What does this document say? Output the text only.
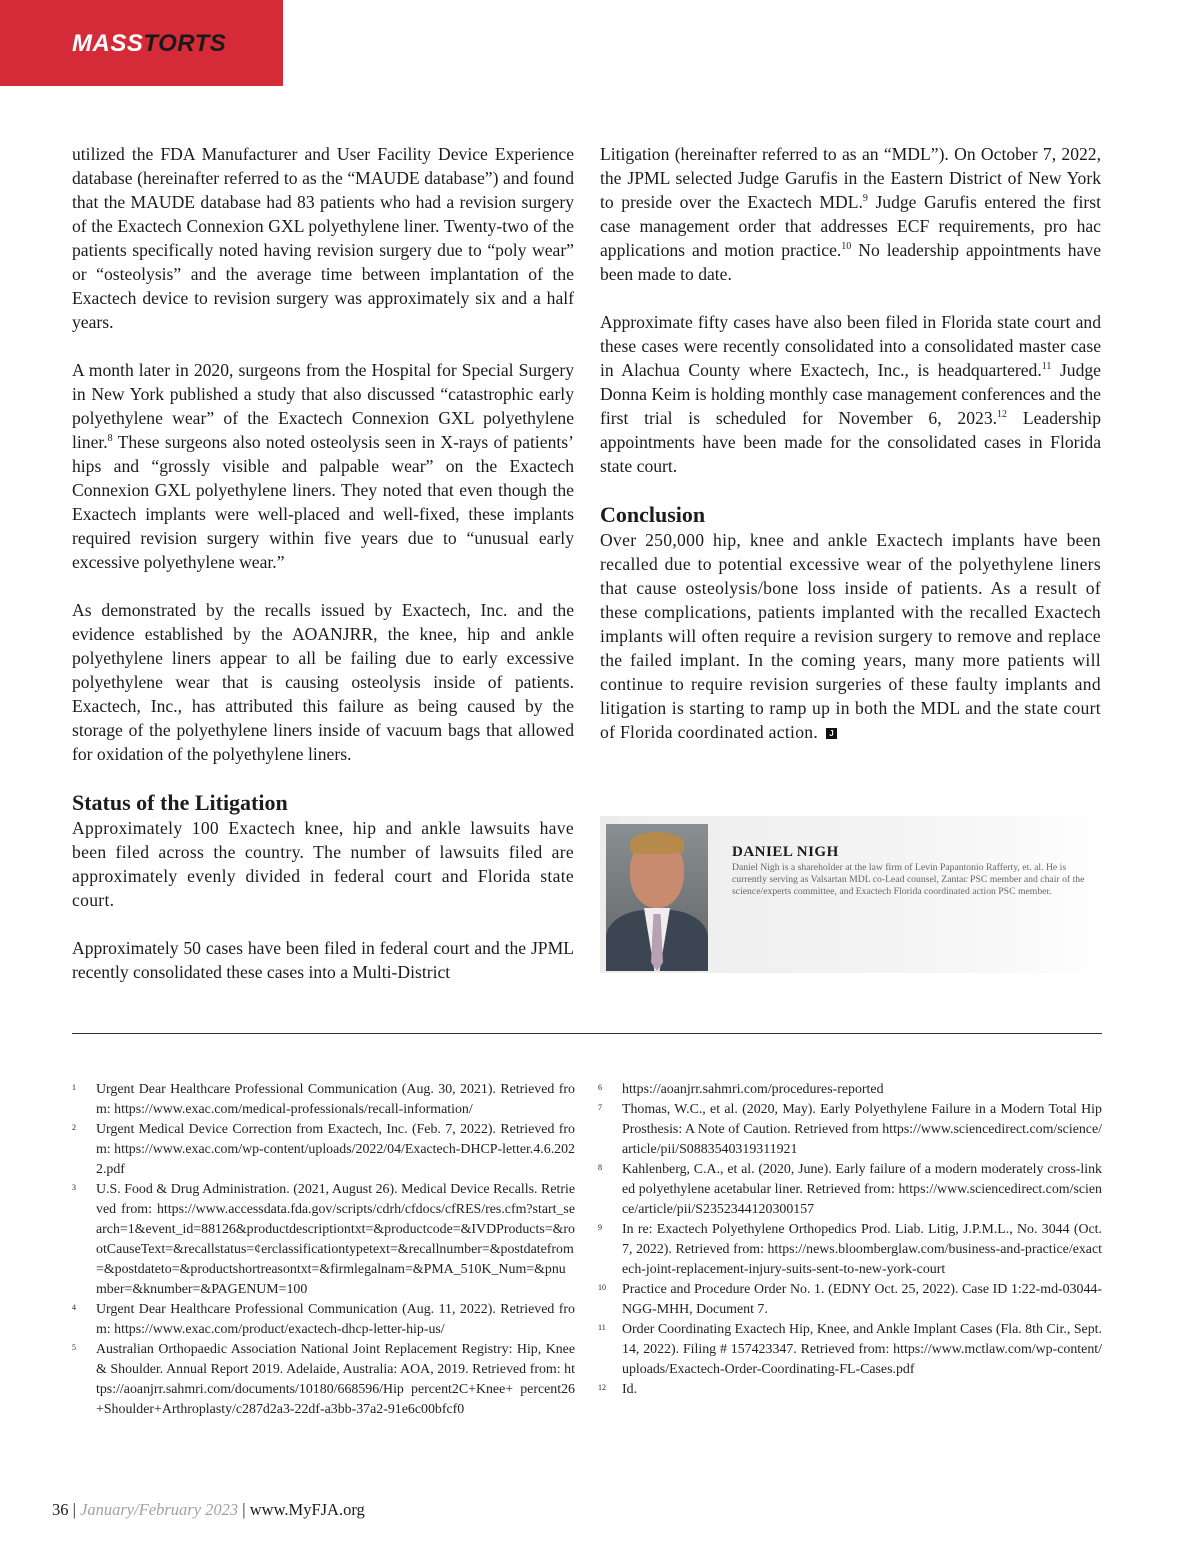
MASSTORTS

utilized the FDA Manufacturer and User Facility Device Experience database (hereinafter referred to as the “MAUDE database”) and found that the MAUDE database had 83 patients who had a revision surgery of the Exactech Connexion GXL polyethylene liner. Twenty-two of the patients specifically noted having revision surgery due to “poly wear” or “osteolysis” and the average time between implantation of the Exactech device to revision surgery was approximately six and a half years.

A month later in 2020, surgeons from the Hospital for Special Surgery in New York published a study that also discussed “catastrophic early polyethylene wear” of the Exactech Connexion GXL polyethylene liner.$^8$ These surgeons also noted osteolysis seen in X-rays of patients’ hips and “grossly visible and palpable wear” on the Exactech Connexion GXL polyethylene liners. They noted that even though the Exactech implants were well-placed and well-fixed, these implants required revision surgery within five years due to “unusual early excessive polyethylene wear.”

As demonstrated by the recalls issued by Exactech, Inc. and the evidence established by the AOANJRR, the knee, hip and ankle polyethylene liners appear to all be failing due to early excessive polyethylene wear that is causing osteolysis inside of patients. Exactech, Inc., has attributed this failure as being caused by the storage of the polyethylene liners inside of vacuum bags that allowed for oxidation of the polyethylene liners.

Status of the Litigation

Approximately 100 Exactech knee, hip and ankle lawsuits have been filed across the country. The number of lawsuits filed are approximately evenly divided in federal court and Florida state court.

Approximately 50 cases have been filed in federal court and the JPML recently consolidated these cases into a Multi-District

Litigation (hereinafter referred to as an “MDL”). On October 7, 2022, the JPML selected Judge Garufis in the Eastern District of New York to preside over the Exactech MDL.$^9$ Judge Garufis entered the first case management order that addresses ECF requirements, pro hac applications and motion practice.$^{10}$ No leadership appointments have been made to date.

Approximate fifty cases have also been filed in Florida state court and these cases were recently consolidated into a consolidated master case in Alachua County where Exactech, Inc., is headquartered.$^{11}$ Judge Donna Keim is holding monthly case management conferences and the first trial is scheduled for November 6, 2023.12 Leadership appointments have been made for the consolidated cases in Florida state court.

Conclusion

Over 250,000 hip, knee and ankle Exactech implants have been recalled due to potential excessive wear of the polyethylene liners that cause osteolysis/bone loss inside of patients. As a result of these complications, patients implanted with the recalled Exactech implants will often require a revision surgery to remove and replace the failed implant. In the coming years, many more patients will continue to require revision surgeries of these faulty implants and litigation is starting to ramp up in both the MDL and the state court of Florida coordinated action. J

DANIEL NIGH
Daniel Nigh is a shareholder at the law firm of Levin Papantonio Rafferty, et. al. He is currently serving as Valsartan MDL co-Lead counsel, Zantac PSC member and chair of the science/experts committee, and Exactech Florida coordinated action PSC member.
1	Urgent Dear Healthcare Professional Communication (Aug. 30, 2021). Retrieved from: https://www.exac.com/medical-professionals/recall-information/
2	Urgent Medical Device Correction from Exactech, Inc. (Feb. 7, 2022). Retrieved from: https://www.exac.com/wp-content/uploads/2022/04/Exactech-DHCP-letter.4.6.2022.pdf
3	U.S. Food & Drug Administration. (2021, August 26). Medical Device Recalls. Retrieved from: https://www.accessdata.fda.gov/scripts/cdrh/cfdocs/cfRES/res.cfm?start_search=1&event_id=88126&productdescriptiontxt=&productcode=&IVDProducts=&rootCauseText=&recallstatus=¢erclassificationtypetext=&recallnumber=&postdatefrom=&postdateto=&productshortreasontxt=&firmlegalnam=&PMA_510K_Num=&pnumber=&knumber=&PAGENUM=100
4	Urgent Dear Healthcare Professional Communication (Aug. 11, 2022). Retrieved from: https://www.exac.com/product/exactech-dhcp-letter-hip-us/
5	Australian Orthopaedic Association National Joint Replacement Registry: Hip, Knee & Shoulder. Annual Report 2019. Adelaide, Australia: AOA, 2019. Retrieved from: https://aoanjrr.sahmri.com/documents/10180/668596/Hip percent2C+Knee+ percent26+Shoulder+Arthroplasty/c287d2a3-22df-a3bb-37a2-91e6c00bfcf0
6	https://aoanjrr.sahmri.com/procedures-reported
7	Thomas, W.C., et al. (2020, May). Early Polyethylene Failure in a Modern Total Hip Prosthesis: A Note of Caution. Retrieved from https://www.sciencedirect.com/science/article/pii/S0883540319311921
8	Kahlenberg, C.A., et al. (2020, June). Early failure of a modern moderately cross-linked polyethylene acetabular liner. Retrieved from: https://www.sciencedirect.com/science/article/pii/S2352344120300157
9	In re: Exactech Polyethylene Orthopedics Prod. Liab. Litig, J.P.M.L., No. 3044 (Oct. 7, 2022). Retrieved from: https://news.bloomberglaw.com/business-and-practice/exactech-joint-replacement-injury-suits-sent-to-new-york-court
10	Practice and Procedure Order No. 1. (EDNY Oct. 25, 2022). Case ID 1:22-md-03044-NGG-MHH, Document 7.
11	Order Coordinating Exactech Hip, Knee, and Ankle Implant Cases (Fla. 8th Cir., Sept. 14, 2022). Filing # 157423347. Retrieved from: https://www.mctlaw.com/wp-content/uploads/Exactech-Order-Coordinating-FL-Cases.pdf
12	Id.
36 | January/February 2023 | www.MyFJA.org
